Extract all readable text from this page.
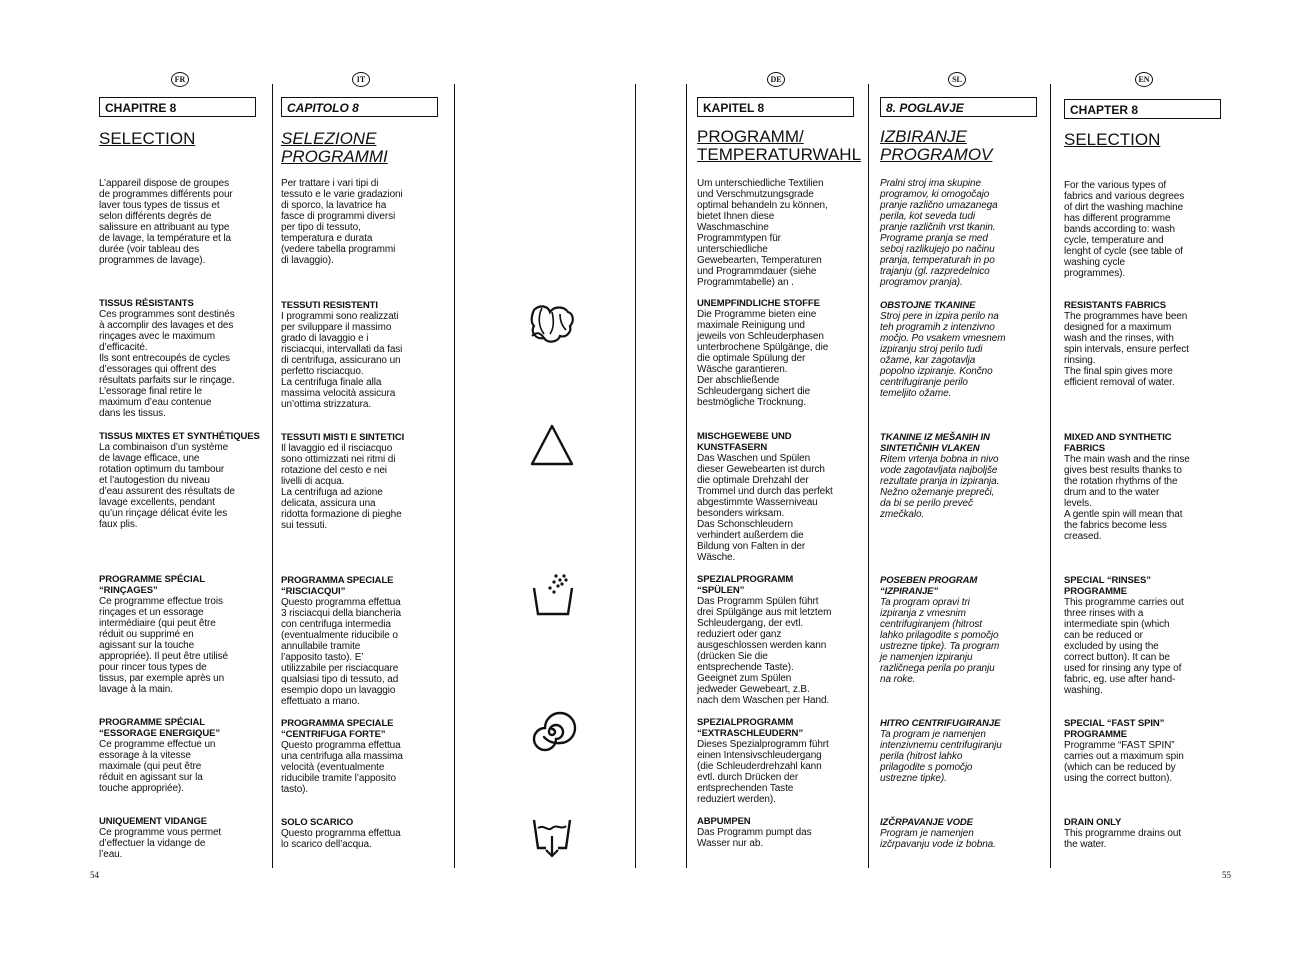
54	55
FR
CHAPITRE 8
SELECTION
L’appareil dispose de groupes
de programmes différents pour
laver tous types de tissus et
selon différents degrés de
salissure en attribuant au type
de lavage, la température et la
durée (voir tableau des
programmes de lavage).
TISSUS RÉSISTANTS
Ces programmes sont destinés
à accomplir des lavages et des
rinçages avec le maximum
d’efficacité.
Ils sont entrecoupés de cycles
d’essorages qui offrent des
résultats parfaits sur le rinçage.
L’essorage final retire le
maximum d’eau contenue
dans les tissus.
TISSUS MIXTES ET SYNTHÉTIQUES
La combinaison d’un système
de lavage efficace, une
rotation optimum du tambour
et l’autogestion du niveau
d’eau assurent des résultats de
lavage excellents, pendant
qu’un rinçage délicat évite les
faux plis.
PROGRAMME SPÉCIAL
“RINÇAGES”
Ce programme effectue trois
rinçages et un essorage
intermédiaire (qui peut être
réduit ou supprimé en
agissant sur la touche
appropriée). Il peut être utilisé
pour rincer tous types de
tissus, par exemple après un
lavage à la main.
PROGRAMME SPÉCIAL
“ESSORAGE ENERGIQUE”
Ce programme effectue un
essorage à la vitesse
maximale (qui peut être
réduit en agissant sur la
touche appropriée).
UNIQUEMENT VIDANGE
Ce programme vous permet
d’effectuer la vidange de
l’eau.
IT
CAPITOLO 8
SELEZIONE
PROGRAMMI
Per trattare i vari tipi di
tessuto e le varie gradazioni
di sporco, la lavatrice ha
fasce di programmi diversi
per tipo di tessuto,
temperatura e durata
(vedere tabella programmi
di lavaggio).
TESSUTI RESISTENTI
I programmi sono realizzati
per sviluppare il massimo
grado di lavaggio e i
risciacqui, intervallati da fasi
di centrifuga, assicurano un
perfetto risciacquo.
La centrifuga finale alla
massima velocità assicura
un’ottima strizzatura.
TESSUTI MISTI E SINTETICI
Il lavaggio ed il risciacquo
sono ottimizzati nei ritmi di
rotazione del cesto e nei
livelli di acqua.
La centrifuga ad azione
delicata, assicura una
ridotta formazione di pieghe
sui tessuti.
PROGRAMMA SPECIALE
“RISCIACQUI”
Questo programma effettua
3 risciacqui della biancheria
con centrifuga intermedia
(eventualmente riducibile o
annullabile tramite
l’apposito tasto). E’
utilizzabile per risciacquare
qualsiasi tipo di tessuto, ad
esempio dopo un lavaggio
effettuato a mano.
PROGRAMMA SPECIALE
“CENTRIFUGA FORTE”
Questo programma effettua
una centrifuga alla massima
velocità (eventualmente
riducibile tramite l’apposito
tasto).
SOLO SCARICO
Questo programma effettua
lo scarico dell’acqua.
DE
KAPITEL 8
PROGRAMM/
TEMPERATURWAHL
Um unterschiedliche Textilien
und Verschmutzungsgrade
optimal behandeln zu können,
bietet Ihnen diese
Waschmaschine
Programmtypen für
unterschiedliche
Gewebearten, Temperaturen
und Programmdauer (siehe
Programmtabelle) an .
UNEMPFINDLICHE STOFFE
Die Programme bieten eine
maximale Reinigung und
jeweils von Schleuderphasen
unterbrochene Spülgänge, die
die optimale Spülung der
Wäsche garantieren.
Der abschließende
Schleudergang sichert die
bestmögliche Trocknung.
MISCHGEWEBE UND
KUNSTFASERN
Das Waschen und Spülen
dieser Gewebearten ist durch
die optimale Drehzahl der
Trommel und durch das perfekt
abgestimmte Wasserniveau
besonders wirksam.
Das Schonschleudern
verhindert außerdem die
Bildung von Falten in der
Wäsche.
SPEZIALPROGRAMM
“SPÜLEN”
Das Programm Spülen führt
drei Spülgänge aus mit letztem
Schleudergang, der evtl.
reduziert oder ganz
ausgeschlossen werden kann
(drücken Sie die
entsprechende Taste).
Geeignet zum Spülen
jedweder Gewebeart, z.B.
nach dem Waschen per Hand.
SPEZIALPROGRAMM
“EXTRASCHLEUDERN”
Dieses Spezialprogramm führt
einen Intensivschleudergang
(die Schleuderdrehzahl kann
evtl. durch Drücken der
entsprechenden Taste
reduziert werden).
ABPUMPEN
Das Programm pumpt das
Wasser nur ab.
SL
8. POGLAVJE
IZBIRANJE
PROGRAMOV
Pralni stroj ima skupine
programov, ki omogočajo
pranje različno umazanega
perila, kot seveda tudi
pranje različnih vrst tkanin.
Programe pranja se med
seboj razlikujejo po načinu
pranja, temperaturah in po
trajanju (gl. razpredelnico
programov pranja).
OBSTOJNE TKANINE
Stroj pere in izpira perilo na
teh programih z intenzivno
močjo. Po vsakem vmesnem
izpiranju stroj perilo tudi
ožame, kar zagotavlja
popolno izpiranje. Končno
centrifugiranje perilo
temeljito ožame.
TKANINE IZ MEŠANIH IN
SINTETIČNIH VLAKEN
Ritem vrtenja bobna in nivo
vode zagotavljata najboljše
rezultate pranja in izpiranja.
Nežno ožemanje prepreči,
da bi se perilo preveč
zmečkalo.
POSEBEN PROGRAM
“IZPIRANJE”
Ta program opravi tri
izpiranja z vmesnim
centrifugiranjem (hitrost
lahko prilagodite s pomočjo
ustrezne tipke). Ta program
je namenjen izpiranju
različnega perila po pranju
na roke.
HITRO CENTRIFUGIRANJE
Ta program je namenjen
intenzivnemu centrifugiranju
perila (hitrost lahko
prilagodite s pomočjo
ustrezne tipke).
IZČRPAVANJE VODE
Program je namenjen
izčrpavanju vode iz bobna.
EN
CHAPTER 8
SELECTION
For the various types of
fabrics and various degrees
of dirt the washing machine
has different programme
bands according to: wash
cycle, temperature and
lenght of cycle (see table of
washing cycle
programmes).
RESISTANTS FABRICS
The programmes have been
designed for a maximum
wash and the rinses, with
spin intervals, ensure perfect
rinsing.
The final spin gives more
efficient removal of water.
MIXED AND SYNTHETIC
FABRICS
The main wash and the rinse
gives best results thanks to
the rotation rhythms of the
drum and to the water
levels.
A gentle spin will mean that
the fabrics become less
creased.
SPECIAL “RINSES”
PROGRAMME
This programme carries out
three rinses with a
intermediate spin (which
can be reduced or
excluded by using the
correct button). It can be
used for rinsing any type of
fabric, eg. use after hand-
washing.
SPECIAL “FAST SPIN”
PROGRAMME
Programme “FAST SPIN”
carries out a maximum spin
(which can be reduced by
using the correct button).
DRAIN ONLY
This programme drains out
the water.
